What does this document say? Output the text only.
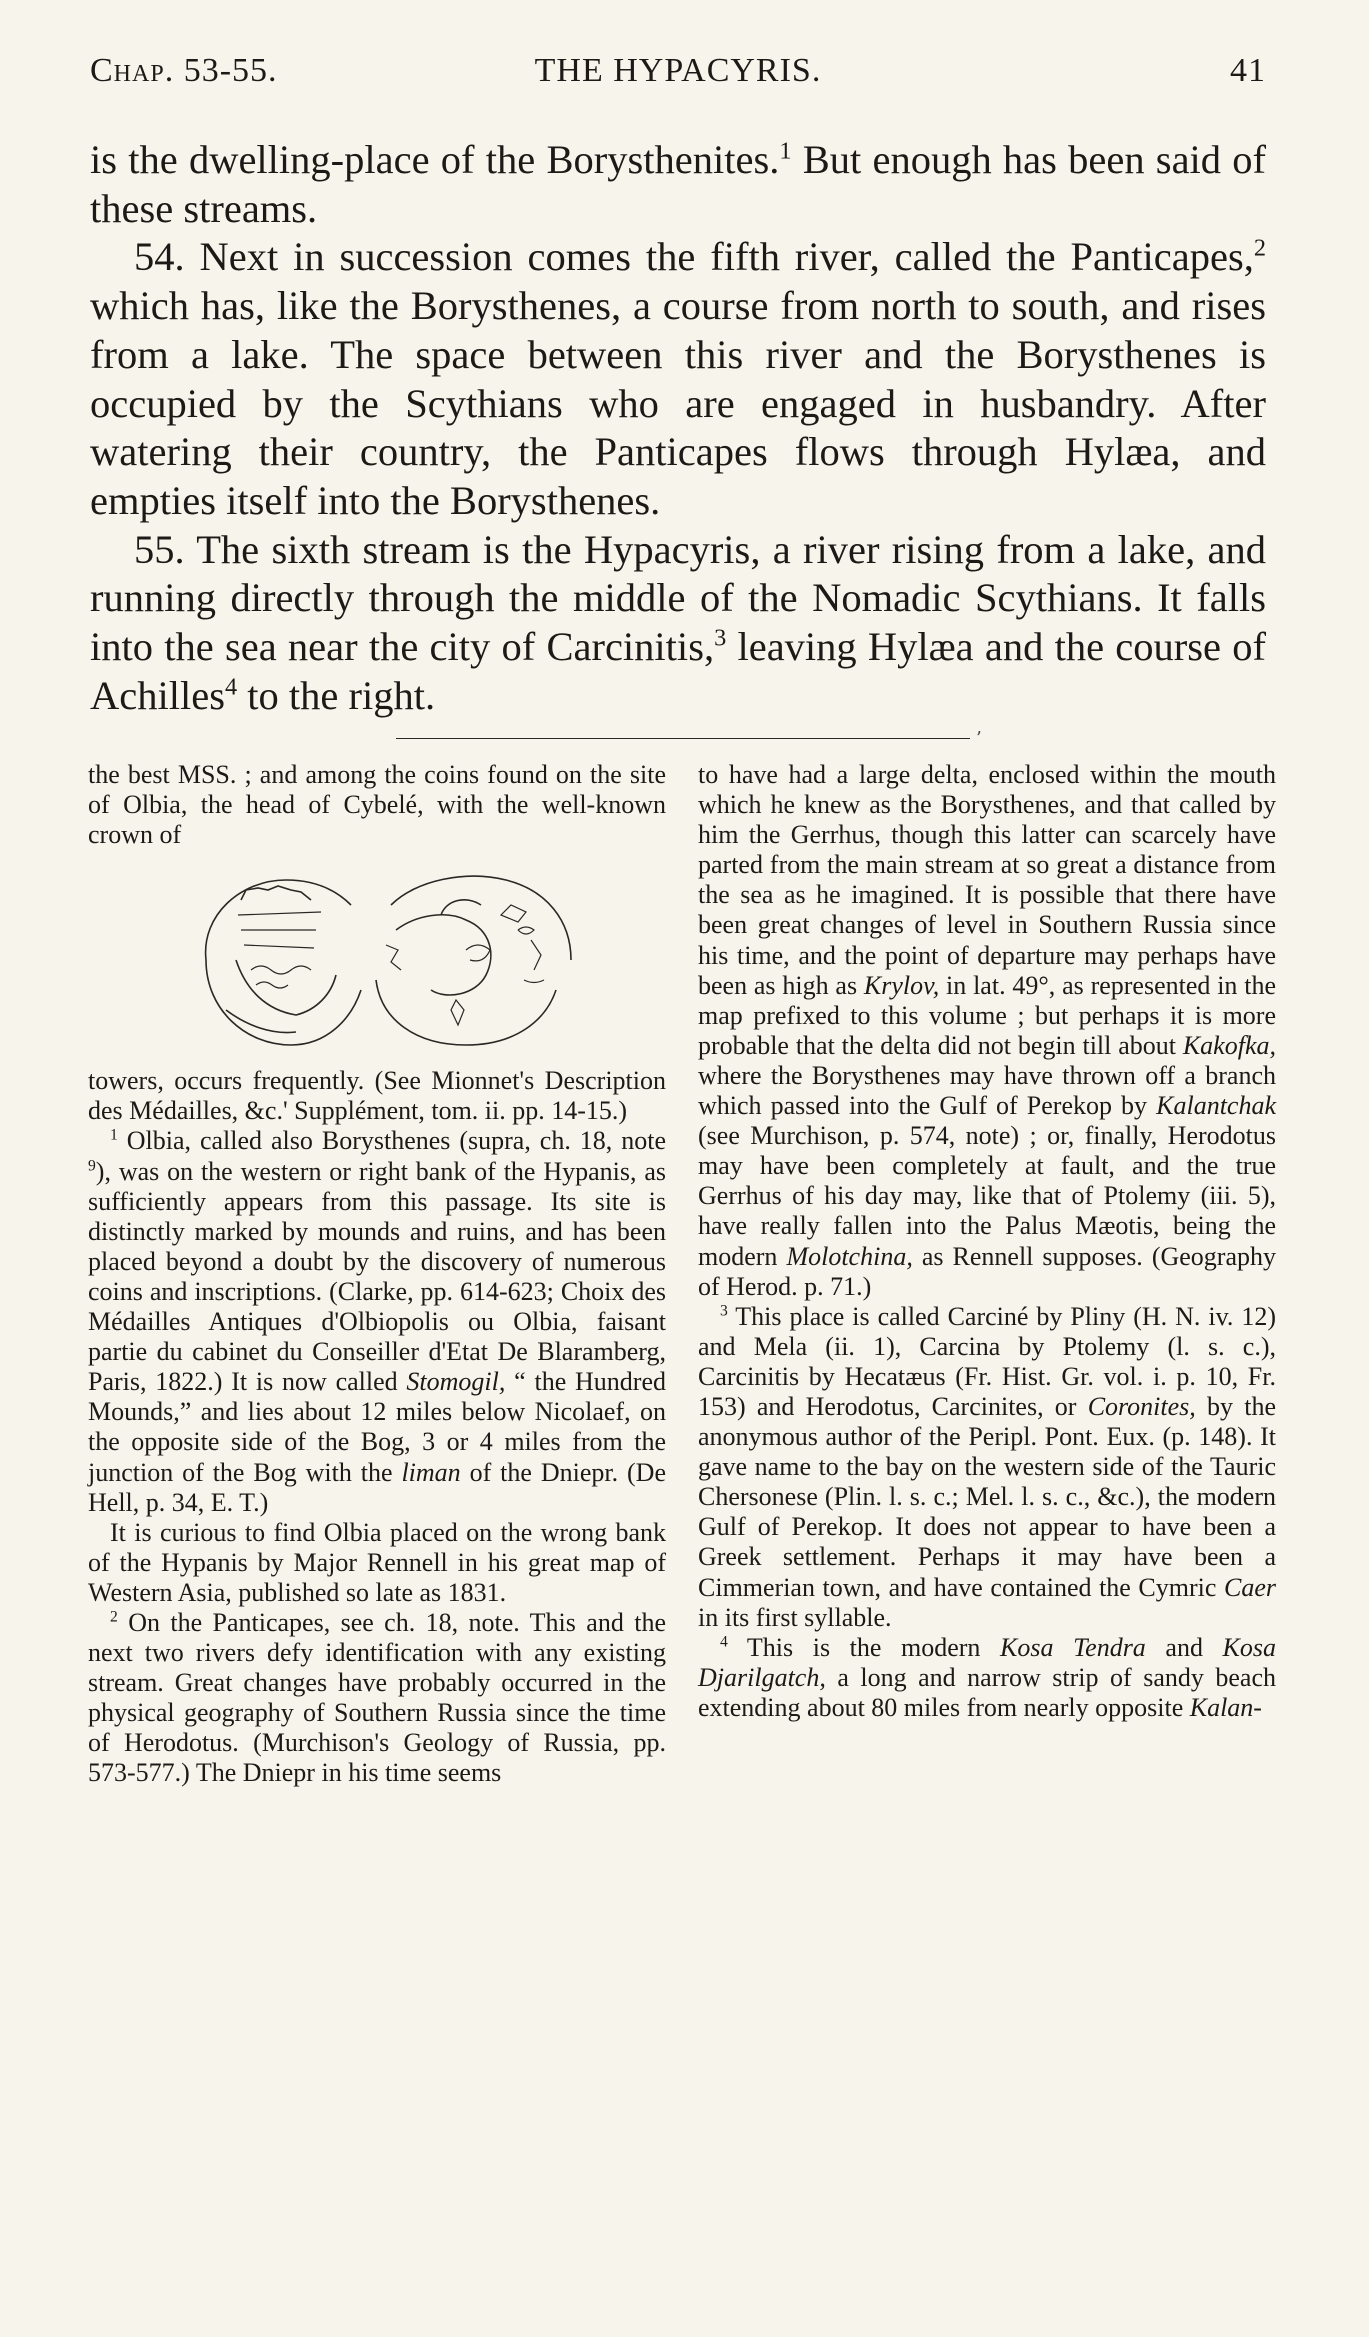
Chap. 53-55.	THE HYPACYRIS.	41

is the dwelling-place of the Borysthenites.$^1$ But enough has been said of these streams.

54. Next in succession comes the fifth river, called the Panticapes,$^2$ which has, like the Borysthenes, a course from north to south, and rises from a lake. The space between this river and the Borysthenes is occupied by the Scythians who are engaged in husbandry. After watering their country, the Panticapes flows through Hylæa, and empties itself into the Borysthenes.

55. The sixth stream is the Hypacyris, a river rising from a lake, and running directly through the middle of the Nomadic Scythians. It falls into the sea near the city of Carcinitis,$^3$ leaving Hylæa and the course of Achilles$^4$ to the right.

’

the best MSS. ; and among the coins found on the site of Olbia, the head of Cybelé, with the well-known crown of

towers, occurs frequently. (See Mionnet's Description des Médailles, &c.' Supplément, tom. ii. pp. 14-15.)

$^1$ Olbia, called also Borysthenes (supra, ch. 18, note $^9$), was on the western or right bank of the Hypanis, as sufficiently appears from this passage. Its site is distinctly marked by mounds and ruins, and has been placed beyond a doubt by the discovery of numerous coins and inscriptions. (Clarke, pp. 614-623; Choix des Médailles Antiques d'Olbiopolis ou Olbia, faisant partie du cabinet du Conseiller d'Etat De Blaramberg, Paris, 1822.) It is now called Stomogil, “ the Hundred Mounds,” and lies about 12 miles below Nicolaef, on the opposite side of the Bog, 3 or 4 miles from the junction of the Bog with the liman of the Dniepr. (De Hell, p. 34, E. T.)

It is curious to find Olbia placed on the wrong bank of the Hypanis by Major Rennell in his great map of Western Asia, published so late as 1831.

$^2$ On the Panticapes, see ch. 18, note. This and the next two rivers defy identification with any existing stream. Great changes have probably occurred in the physical geography of Southern Russia since the time of Herodotus. (Murchison's Geology of Russia, pp. 573-577.) The Dniepr in his time seems

to have had a large delta, enclosed within the mouth which he knew as the Borysthenes, and that called by him the Gerrhus, though this latter can scarcely have parted from the main stream at so great a distance from the sea as he imagined. It is possible that there have been great changes of level in Southern Russia since his time, and the point of departure may perhaps have been as high as Krylov, in lat. 49°, as represented in the map prefixed to this volume ; but perhaps it is more probable that the delta did not begin till about Kakofka, where the Borysthenes may have thrown off a branch which passed into the Gulf of Perekop by Kalantchak (see Murchison, p. 574, note) ; or, finally, Herodotus may have been completely at fault, and the true Gerrhus of his day may, like that of Ptolemy (iii. 5), have really fallen into the Palus Mæotis, being the modern Molotchina, as Rennell supposes. (Geography of Herod. p. 71.)

$^3$ This place is called Carciné by Pliny (H. N. iv. 12) and Mela (ii. 1), Carcina by Ptolemy (l. s. c.), Carcinitis by Hecatæus (Fr. Hist. Gr. vol. i. p. 10, Fr. 153) and Herodotus, Carcinites, or Coronites, by the anonymous author of the Peripl. Pont. Eux. (p. 148). It gave name to the bay on the western side of the Tauric Chersonese (Plin. l. s. c.; Mel. l. s. c., &c.), the modern Gulf of Perekop. It does not appear to have been a Greek settlement. Perhaps it may have been a Cimmerian town, and have contained the Cymric Caer in its first syllable.

$^4$ This is the modern Kosa Tendra and Kosa Djarilgatch, a long and narrow strip of sandy beach extending about 80 miles from nearly opposite Kalan-
